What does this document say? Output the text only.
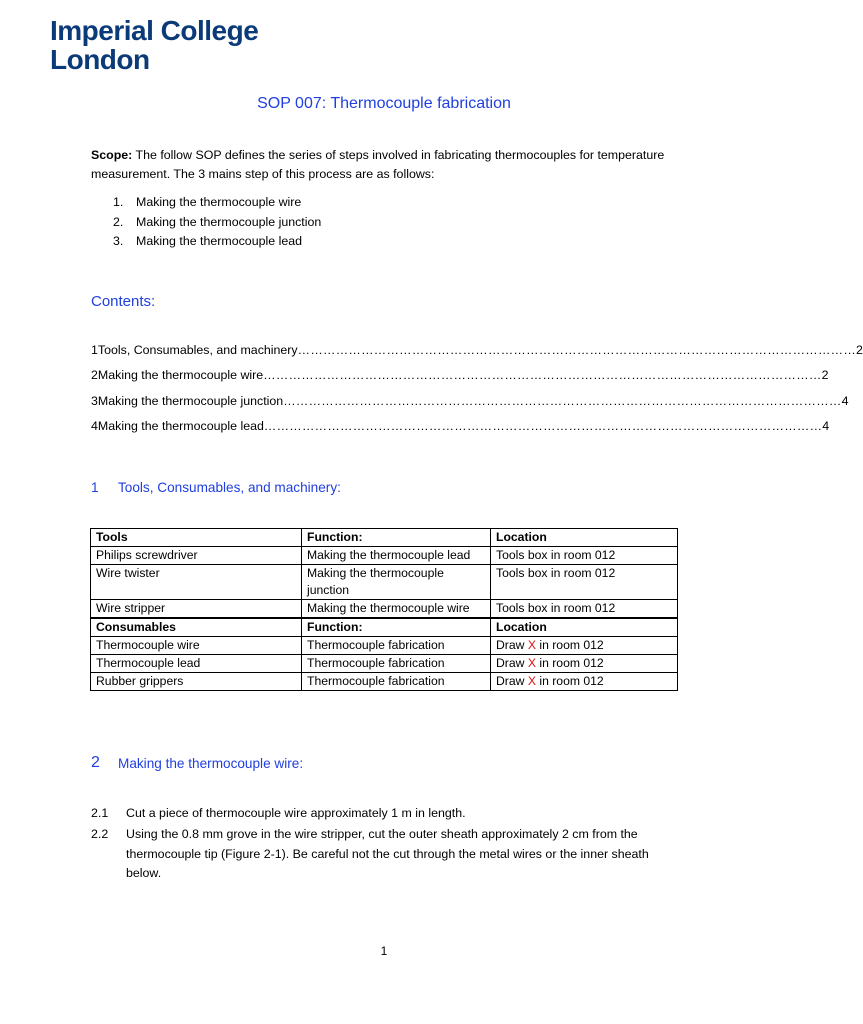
Imperial College
London
SOP 007: Thermocouple fabrication
Scope: The follow SOP defines the series of steps involved in fabricating thermocouples for temperature measurement. The 3 mains step of this process are as follows:
1.	Making the thermocouple wire
2.	Making the thermocouple junction
3.	Making the thermocouple lead
Contents:
1 Tools, Consumables, and machinery …………………………………………………………………………………………………………………… 2
2 Making the thermocouple wire …………………………………………………………………………………………………………………… 2
3 Making the thermocouple junction …………………………………………………………………………………………………………………… 4
4 Making the thermocouple lead …………………………………………………………………………………………………………………… 4
1	Tools, Consumables, and machinery:
Tools	Function:	Location
Philips screwdriver	Making the thermocouple lead	Tools box in room 012
Wire twister	Making the thermocouple junction	Tools box in room 012
Wire stripper	Making the thermocouple wire	Tools box in room 012
Consumables	Function:	Location
Thermocouple wire	Thermocouple fabrication	Draw X in room 012
Thermocouple lead	Thermocouple fabrication	Draw X in room 012
Rubber grippers	Thermocouple fabrication	Draw X in room 012
2	Making the thermocouple wire:
2.1	Cut a piece of thermocouple wire approximately 1 m in length.
2.2	Using the 0.8 mm grove in the wire stripper, cut the outer sheath approximately 2 cm from the thermocouple tip (Figure 2-1). Be careful not the cut through the metal wires or the inner sheath below.
1
